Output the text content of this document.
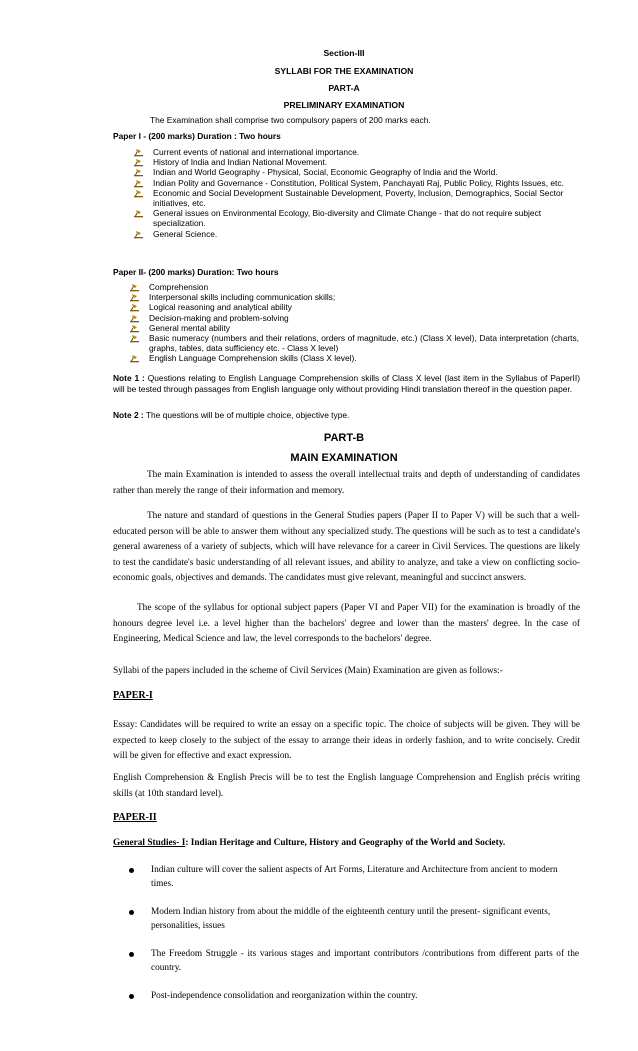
Section-III
SYLLABI FOR THE EXAMINATION
PART-A
PRELIMINARY EXAMINATION
The Examination shall comprise two compulsory papers of 200 marks each.
Paper I - (200 marks) Duration : Two hours
Current events of national and international importance.
History of India and Indian National Movement.
Indian and World Geography - Physical, Social, Economic Geography of India and the World.
Indian Polity and Governance - Constitution, Political System, Panchayati Raj, Public Policy, Rights Issues, etc.
Economic and Social Development Sustainable Development, Poverty, Inclusion, Demographics, Social Sector initiatives, etc.
General issues on Environmental Ecology, Bio-diversity and Climate Change - that do not require subject specialization.
General Science.
Paper II- (200 marks) Duration: Two hours
Comprehension
Interpersonal skills including communication skills;
Logical reasoning and analytical ability
Decision-making and problem-solving
General mental ability
Basic numeracy (numbers and their relations, orders of magnitude, etc.) (Class X level), Data interpretation (charts, graphs, tables, data sufficiency etc. - Class X level)
English Language Comprehension skills (Class X level).
Note 1 : Questions relating to English Language Comprehension skills of Class X level (last item in the Syllabus of PaperII) will be tested through passages from English language only without providing Hindi translation thereof in the question paper.
Note 2 : The questions will be of multiple choice, objective type.
PART-B
MAIN EXAMINATION
The main Examination is intended to assess the overall intellectual traits and depth of understanding of candidates rather than merely the range of their information and memory.
The nature and standard of questions in the General Studies papers (Paper II to Paper V) will be such that a well-educated person will be able to answer them without any specialized study. The questions will be such as to test a candidate's general awareness of a variety of subjects, which will have relevance for a career in Civil Services. The questions are likely to test the candidate's basic understanding of all relevant issues, and ability to analyze, and take a view on conflicting socio- economic goals, objectives and demands. The candidates must give relevant, meaningful and succinct answers.
The scope of the syllabus for optional subject papers (Paper VI and Paper VII) for the examination is broadly of the honours degree level i.e. a level higher than the bachelors' degree and lower than the masters' degree. In the case of Engineering, Medical Science and law, the level corresponds to the bachelors' degree.
Syllabi of the papers included in the scheme of Civil Services (Main) Examination are given as follows:-
PAPER-I
Essay: Candidates will be required to write an essay on a specific topic. The choice of subjects will be given. They will be expected to keep closely to the subject of the essay to arrange their ideas in orderly fashion, and to write concisely. Credit will be given for effective and exact expression.
English Comprehension & English Precis will be to test the English language Comprehension and English précis writing skills (at 10th standard level).
PAPER-II
General Studies- I: Indian Heritage and Culture, History and Geography of the World and Society.
Indian culture will cover the salient aspects of Art Forms, Literature and Architecture from ancient to modern times.
Modern Indian history from about the middle of the eighteenth century until the present- significant events, personalities, issues
The Freedom Struggle - its various stages and important contributors /contributions from different parts of the country.
Post-independence consolidation and reorganization within the country.
